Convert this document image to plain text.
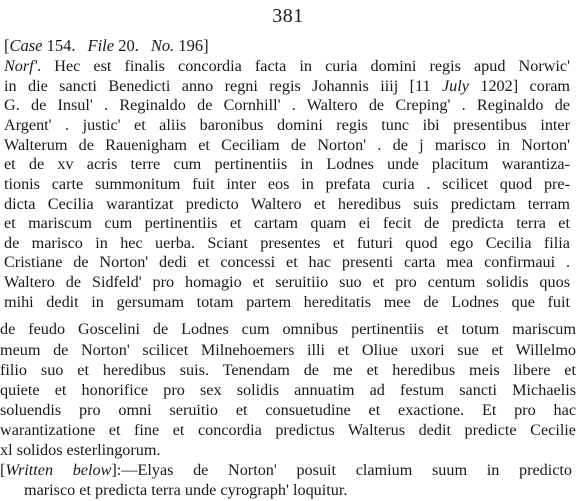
381
[Case 154. File 20. No. 196]
Norf'. Hec est finalis concordia facta in curia domini regis apud Norwic'
in die sancti Benedicti anno regni regis Johannis iiij [11 July 1202] coram
G. de Insul' . Reginaldo de Cornhill' . Waltero de Creping' . Reginaldo de
Argent' . justic' et aliis baronibus domini regis tunc ibi presentibus inter
Walterum de Rauenigham et Ceciliam de Norton' . de j marisco in Norton'
et de xv acris terre cum pertinentiis in Lodnes unde placitum warantiza-
tionis carte summonitum fuit inter eos in prefata curia . scilicet quod pre-
dicta Cecilia warantizat predicto Waltero et heredibus suis predictam terram
et mariscum cum pertinentiis et cartam quam ei fecit de predicta terra et
de marisco in hec uerba. Sciant presentes et futuri quod ego Cecilia filia
Cristiane de Norton' dedi et concessi et hac presenti carta mea confirmaui .
Waltero de Sidfeld' pro homagio et seruitiio suo et pro centum solidis quos
mihi dedit in gersumam totam partem hereditatis mee de Lodnes que fuit
de feudo Goscelini de Lodnes cum omnibus pertinentiis et totum mariscum
meum de Norton' scilicet Milnehoemers illi et Oliue uxori sue et Willelmo
filio suo et heredibus suis. Tenendam de me et heredibus meis libere et
quiete et honorifice pro sex solidis annuatim ad festum sancti Michaelis
soluendis pro omni seruitio et consuetudine et exactione. Et pro hac
warantizatione et fine et concordia predictus Walterus dedit predicte Cecilie
xl solidos esterlingorum.
[Written below]:—Elyas de Norton' posuit clamium suum in predicto
marisco et predicta terra unde cyrograph' loquitur.
